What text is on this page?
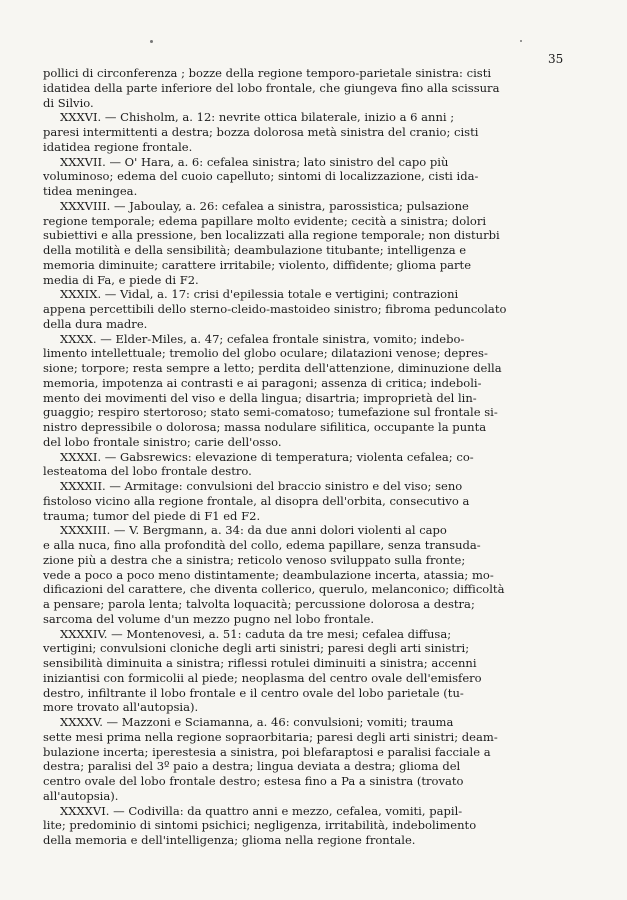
35
pollici di circonferenza ; bozze della regione temporo-parietale sinistra: cisti
idatidea della parte inferiore del lobo frontale, che giungeva fino alla scissura
di Silvio.
XXXVI. — Chisholm, a. 12: nevrite ottica bilaterale, inizio a 6 anni ;
paresi intermittenti a destra; bozza dolorosa metà sinistra del cranio; cisti
idatidea regione frontale.
XXXVII. — O' Hara, a. 6: cefalea sinistra; lato sinistro del capo più
voluminoso; edema del cuoio capelluto; sintomi di localizzazione, cisti ida-
tidea meningea.
XXXVIII. — Jaboulay, a. 26: cefalea a sinistra, parossistica; pulsazione
regione temporale; edema papillare molto evidente; cecità a sinistra; dolori
subiettivi e alla pressione, ben localizzati alla regione temporale; non disturbi
della motilità e della sensibilità; deambulazione titubante; intelligenza e
memoria diminuite; carattere irritabile; violento, diffidente; glioma parte
media di Fa, e piede di F2.
XXXIX. — Vidal, a. 17: crisi d'epilessia totale e vertigini; contrazioni
appena percettibili dello sterno-cleido-mastoideo sinistro; fibroma peduncolato
della dura madre.
XXXX. — Elder-Miles, a. 47; cefalea frontale sinistra, vomito; indebo-
limento intellettuale; tremolio del globo oculare; dilatazioni venose; depres-
sione; torpore; resta sempre a letto; perdita dell'attenzione, diminuzione della
memoria, impotenza ai contrasti e ai paragoni; assenza di critica; indeboli-
mento dei movimenti del viso e della lingua; disartria; improprietà del lin-
guaggio; respiro stertoroso; stato semi-comatoso; tumefazione sul frontale si-
nistro depressibile o dolorosa; massa nodulare sifilitica, occupante la punta
del lobo frontale sinistro; carie dell'osso.
XXXXI. — Gabsrewics: elevazione di temperatura; violenta cefalea; co-
lesteatoma del lobo frontale destro.
XXXXII. — Armitage: convulsioni del braccio sinistro e del viso; seno
fistoloso vicino alla regione frontale, al disopra dell'orbita, consecutivo a
trauma; tumor del piede di F1 ed F2.
XXXXIII. — V. Bergmann, a. 34: da due anni dolori violenti al capo
e alla nuca, fino alla profondità del collo, edema papillare, senza transuda-
zione più a destra che a sinistra; reticolo venoso sviluppato sulla fronte;
vede a poco a poco meno distintamente; deambulazione incerta, atassia; mo-
dificazioni del carattere, che diventa collerico, querulo, melanconico; difficoltà
a pensare; parola lenta; talvolta loquacità; percussione dolorosa a destra;
sarcoma del volume d'un mezzo pugno nel lobo frontale.
XXXXIV. — Montenovesi, a. 51: caduta da tre mesi; cefalea diffusa;
vertigini; convulsioni cloniche degli arti sinistri; paresi degli arti sinistri;
sensibilità diminuita a sinistra; riflessi rotulei diminuiti a sinistra; accenni
iniziantisi con formicolii al piede; neoplasma del centro ovale dell'emisfero
destro, infiltrante il lobo frontale e il centro ovale del lobo parietale (tu-
more trovato all'autopsia).
XXXXV. — Mazzoni e Sciamanna, a. 46: convulsioni; vomiti; trauma
sette mesi prima nella regione sopraorbitaria; paresi degli arti sinistri; deam-
bulazione incerta; iperestesia a sinistra, poi blefaraptosi e paralisi facciale a
destra; paralisi del 3º paio a destra; lingua deviata a destra; glioma del
centro ovale del lobo frontale destro; estesa fino a Pa a sinistra (trovato
all'autopsia).
XXXXVI. — Codivilla: da quattro anni e mezzo, cefalea, vomiti, papil-
lite; predominio di sintomi psichici; negligenza, irritabilità, indebolimento
della memoria e dell'intelligenza; glioma nella regione frontale.
